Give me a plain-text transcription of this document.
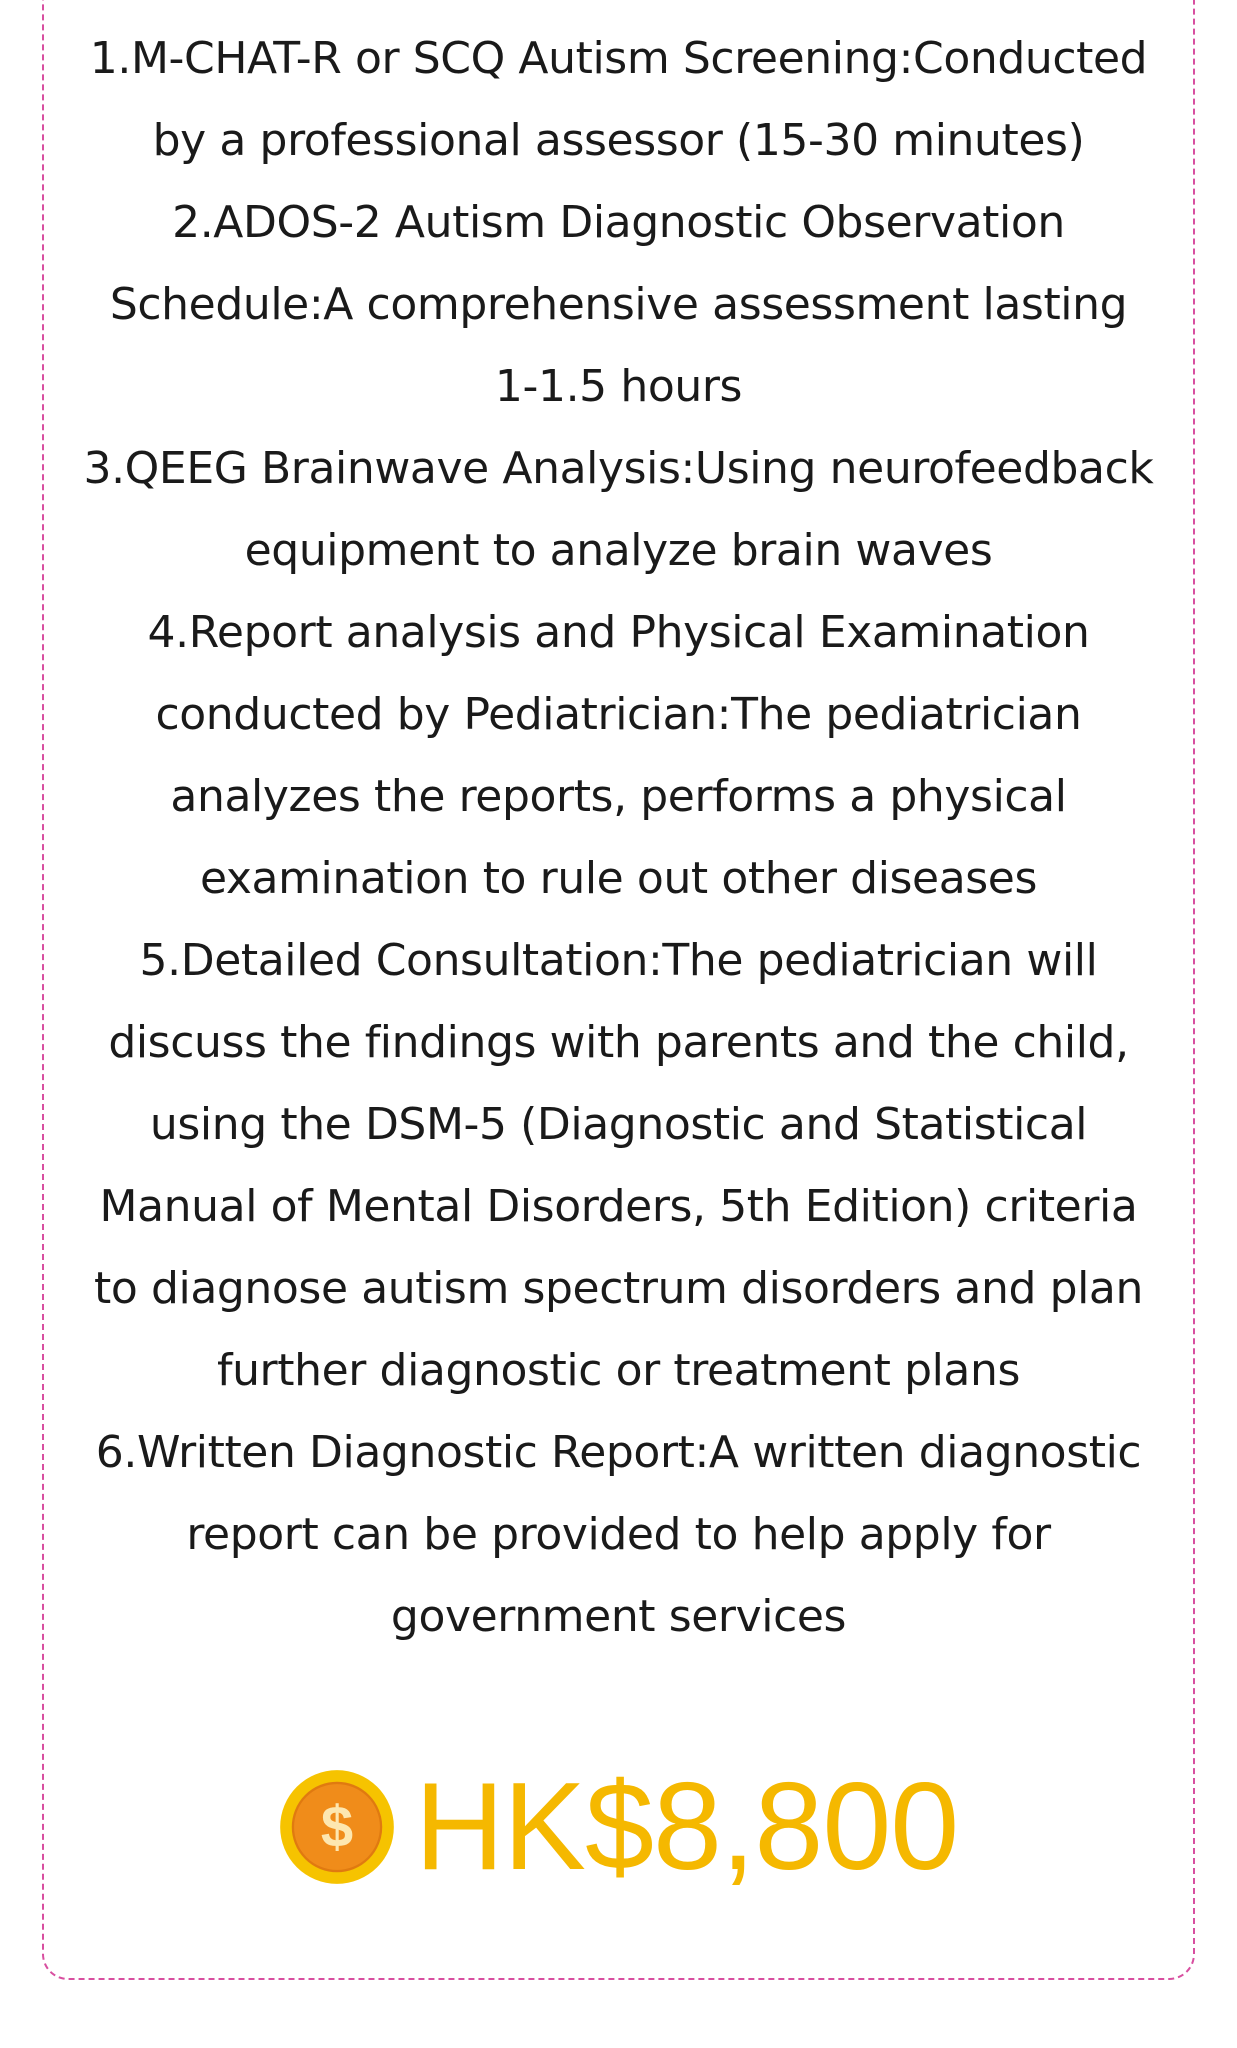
1.M-CHAT-R or SCQ Autism Screening:Conducted by a professional assessor (15-30 minutes)
2.ADOS-2 Autism Diagnostic Observation Schedule:A comprehensive assessment lasting 1-1.5 hours
3.QEEG Brainwave Analysis:Using neurofeedback equipment to analyze brain waves
4.Report analysis and Physical Examination conducted by Pediatrician:The pediatrician analyzes the reports, performs a physical examination to rule out other diseases
5.Detailed Consultation:The pediatrician will discuss the findings with parents and the child, using the DSM-5 (Diagnostic and Statistical Manual of Mental Disorders, 5th Edition) criteria to diagnose autism spectrum disorders and plan further diagnostic or treatment plans
6.Written Diagnostic Report:A written diagnostic report can be provided to help apply for government services
$ HK$8,800
